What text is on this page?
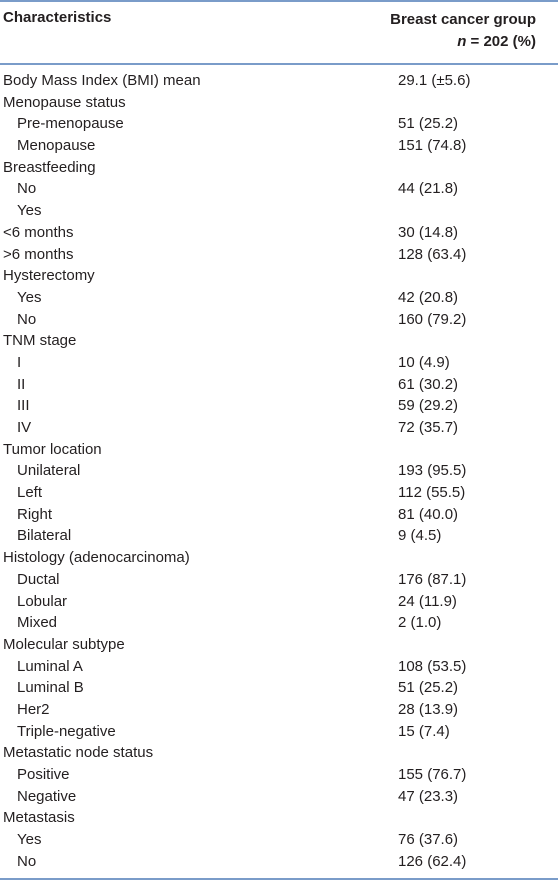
Characteristics	Breast cancer group
n = 202 (%)
Body Mass Index (BMI) mean	29.1 (±5.6)
Menopause status
Pre-menopause	51 (25.2)
Menopause	151 (74.8)
Breastfeeding
No	44 (21.8)
Yes
<6 months	30 (14.8)
>6 months	128 (63.4)
Hysterectomy
Yes	42 (20.8)
No	160 (79.2)
TNM stage
I	10 (4.9)
II	61 (30.2)
III	59 (29.2)
IV	72 (35.7)
Tumor location
Unilateral	193 (95.5)
Left	112 (55.5)
Right	81 (40.0)
Bilateral	9 (4.5)
Histology (adenocarcinoma)
Ductal	176 (87.1)
Lobular	24 (11.9)
Mixed	2 (1.0)
Molecular subtype
Luminal A	108 (53.5)
Luminal B	51 (25.2)
Her2	28 (13.9)
Triple-negative	15 (7.4)
Metastatic node status
Positive	155 (76.7)
Negative	47 (23.3)
Metastasis
Yes	76 (37.6)
No	126 (62.4)
